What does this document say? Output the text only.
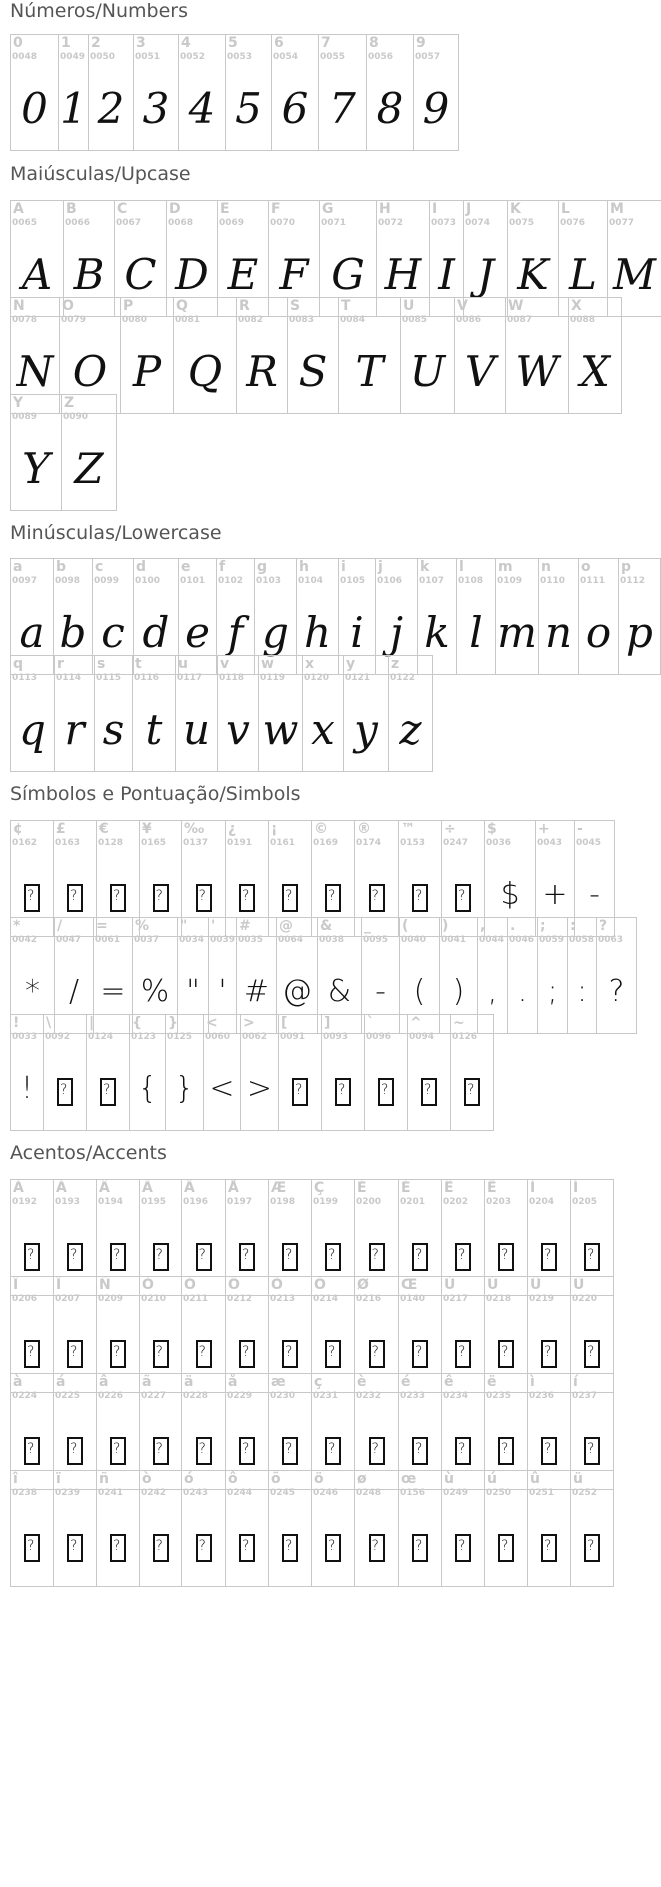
Números/Numbers
0
0048
0
1
0049
1
2
0050
2
3
0051
3
4
0052
4
5
0053
5
6
0054
6
7
0055
7
8
0056
8
9
0057
9
Maiúsculas/Upcase
A
0065
A
B
0066
B
C
0067
C
D
0068
D
E
0069
E
F
0070
F
G
0071
G
H
0072
H
I
0073
I
J
0074
J
K
0075
K
L
0076
L
M
0077
M
N
0078
N
O
0079
O
P
0080
P
Q
0081
Q
R
0082
R
S
0083
S
T
0084
T
U
0085
U
V
0086
V
W
0087
W
X
0088
X
Y
0089
Y
Z
0090
Z
Minúsculas/Lowercase
a
0097
a
b
0098
b
c
0099
c
d
0100
d
e
0101
e
f
0102
f
g
0103
g
h
0104
h
i
0105
i
j
0106
j
k
0107
k
l
0108
l
m
0109
m
n
0110
n
o
0111
o
p
0112
p
q
0113
q
r
0114
r
s
0115
s
t
0116
t
u
0117
u
v
0118
v
w
0119
w
x
0120
x
y
0121
y
z
0122
z
Símbolos e Pontuação/Simbols
¢
0162
?
£
0163
?
€
0128
?
¥
0165
?
‰
0137
?
¿
0191
?
¡
0161
?
©
0169
?
®
0174
?
™
0153
?
÷
0247
?
$
0036
$
+
0043
+
-
0045
-
*
0042
*
/
0047
/
=
0061
=
%
0037
%
"
0034
"
'
0039
'
#
0035
#
@
0064
@
&
0038
&
_
0095
-
(
0040
(
)
0041
)
,
0044
,
.
0046
.
;
0059
;
:
0058
:
?
0063
?
!
0033
!
\
0092
?
|
0124
?
{
0123
{
}
0125
}
<
0060
<
>
0062
>
[
0091
?
]
0093
?
`
0096
?
^
0094
?
~
0126
?
Acentos/Accents
À
0192
?
Á
0193
?
Â
0194
?
Ã
0195
?
Ä
0196
?
Å
0197
?
Æ
0198
?
Ç
0199
?
È
0200
?
É
0201
?
Ê
0202
?
Ë
0203
?
Ì
0204
?
Í
0205
?
Î
0206
?
Ï
0207
?
Ñ
0209
?
Ò
0210
?
Ó
0211
?
Ô
0212
?
Õ
0213
?
Ö
0214
?
Ø
0216
?
Œ
0140
?
Ù
0217
?
Ú
0218
?
Û
0219
?
Ü
0220
?
à
0224
?
á
0225
?
â
0226
?
ã
0227
?
ä
0228
?
å
0229
?
æ
0230
?
ç
0231
?
è
0232
?
é
0233
?
ê
0234
?
ë
0235
?
ì
0236
?
í
0237
?
î
0238
?
ï
0239
?
ñ
0241
?
ò
0242
?
ó
0243
?
ô
0244
?
õ
0245
?
ö
0246
?
ø
0248
?
œ
0156
?
ù
0249
?
ú
0250
?
û
0251
?
ü
0252
?
